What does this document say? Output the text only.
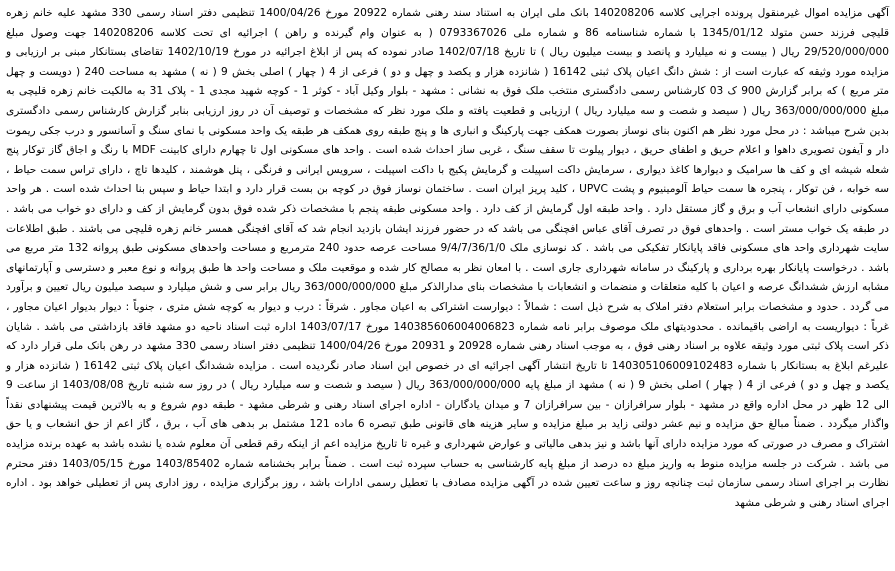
آگهی مزایده اموال غیرمنقول پرونده اجرایی کلاسه 140208206 بانک ملی ایران به استناد سند رهنی شماره 20922 مورخ 1400/04/26 تنظیمی دفتر اسناد رسمی 330 مشهد علیه خانم زهره قلیچی فرزند حسن متولد 1345/01/12 با شماره شناسنامه 86 و شماره ملی 0793367026 ( به عنوان وام گیرنده و راهن ) اجرائیه ای تحت کلاسه 140208206 جهت وصول مبلغ 29/520/000/000 ریال ( بیست و نه میلیارد و پانصد و بیست میلیون ریال ) تا تاریخ 1402/07/18 صادر نموده که پس از ابلاغ اجرائیه در مورخ 1402/10/19 تقاضای بستانکار مبنی بر ارزیابی و مزایده مورد وثیقه که عبارت است از : شش دانگ اعیان پلاک ثبتی 16142 ( شانزده هزار و یکصد و چهل و دو ) فرعی از 4 ( چهار ) اصلی بخش 9 ( نه ) مشهد به مساحت 240 ( دویست و چهل متر مربع ) که برابر گزارش 900 ک 03 کارشناس رسمی دادگستری منتخب ملک فوق به نشانی : مشهد - بلوار وکیل آباد - کوثر 1 - کوچه شهید مجدی 1 - پلاک 31 به مالکیت خانم زهره قلیچی به مبلغ 363/000/000/000 ریال ( سیصد و شصت و سه میلیارد ریال ) ارزیابی و قطعیت یافته و ملک مورد نظر که مشخصات و توصیف آن در روز ارزیابی بنابر گزارش کارشناس رسمی دادگستری بدین شرح میباشد : در محل مورد نظر هم اکنون بنای نوساز بصورت همکف جهت پارکینگ و انباری ها و پنج طبقه روی همکف هر طبقه یک واحد مسکونی با نمای سنگ و آسانسور و درب جکی ریموت دار و آیفون تصویری داهوا و اعلام حریق و اطفای حریق ، دیوار پیلوت تا سقف سنگ ، غربی ساز احداث شده است . واحد های مسکونی اول تا چهارم دارای کابینت MDF با رنگ و اجاق گاز توکار پنج شعله شیشه ای و کف ها سرامیک و دیوارها کاغذ دیواری ، سرمایش داکت اسپیلت و گرمایش پکیج با داکت اسپیلت ، سرویس ایرانی و فرنگی ، پنل هوشمند ، کلیدها تاچ ، دارای تراس سمت حیاط ، سه خوابه ، فن توکار ، پنجره ها سمت حیاط آلومینیوم و پشت UPVC ، کلید پریز ایران است . ساختمان نوساز فوق در کوچه بن بست قرار دارد و ابتدا حیاط و سپس بنا احداث شده است . هر واحد مسکونی دارای انشعاب آب و برق و گاز مستقل دارد . واحد طبقه اول گرمایش از کف دارد . واحد مسکونی طبقه پنجم با مشخصات ذکر شده فوق بدون گرمایش از کف و دارای دو خواب می باشد . در طبقه یک خواب مستر است . واحدهای فوق در تصرف آقای عباس افچنگی می باشد که در حضور فرزند ایشان بازدید انجام شد که آقای افچنگی همسر خانم زهره قلیچی می باشند . طبق اطلاعات سایت شهرداری واحد های مسکونی فاقد پایانکار تفکیکی می باشد . کد نوسازی ملک 9/4/7/36/1/0 مساحت عرصه حدود 240 مترمربع و مساحت واحدهای مسکونی طبق پروانه 132 متر مربع می باشد . درخواست پایانکار بهره برداری و پارکینگ در سامانه شهرداری جاری است . با امعان نظر به مصالح کار شده و موقعیت ملک و مساحت واحد ها طبق پروانه و نوع معبر و دسترسی و آپارتمانهای مشابه ارزش ششدانگ عرصه و اعیان با کلیه متعلقات و منضمات و انشعابات با مشخصات بنای مدارالذکر مبلغ 363/000/000/000 ریال برابر سی و شش میلیارد و سیصد میلیون ریال تعیین و برآورد می گردد . حدود و مشخصات برابر استعلام دفتر املاک به شرح ذیل است : شمالاً : دیوارست اشتراکی به اعیان مجاور . شرقاً : درب و دیوار به کوچه شش متری ، جنوباً : دیوار بدیوار اعیان مجاور ، غرباً : دیواریست به اراضی باقیمانده . محدودیتهای ملک موصوف برابر نامه شماره 140385606004006823 مورخ 1403/07/17 اداره ثبت اسناد ناحیه دو مشهد فاقد بازداشتی می باشد . شایان ذکر است پلاک ثبتی مورد وثیقه علاوه بر اسناد رهنی فوق ، به موجب اسناد رهنی شماره 20928 و 20931 مورخ 1400/04/26 تنظیمی دفتر اسناد رسمی 330 مشهد در رهن بانک ملی قرار دارد که علیرغم ابلاغ به بستانکار با شماره 140305106009102483 تا تاریخ انتشار آگهی اجرائیه ای در خصوص این اسناد صادر نگردیده است . مزایده ششدانگ اعیان پلاک ثبتی 16142 ( شانزده هزار و یکصد و چهل و دو ) فرعی از 4 ( چهار ) اصلی بخش 9 ( نه ) مشهد از مبلغ پایه 363/000/000/000 ریال ( سیصد و شصت و سه میلیارد ریال ) در روز سه شنبه تاریخ 1403/08/08 از ساعت 9 الی 12 ظهر در محل اداره واقع در مشهد - بلوار سرافرازان - بین سرافرازان 7 و میدان یادگاران - اداره اجرای اسناد رهنی و شرطی مشهد - طبقه دوم شروع و به بالاترین قیمت پیشنهادی نقداً واگذار میگردد . ضمناً مبالغ حق مزایده و نیم عشر دولتی زاید بر مبلغ مزایده و سایر هزینه های قانونی طبق تبصره 6 ماده 121 مشتمل بر بدهی های آب ، برق ، گاز اعم از حق انشعاب و یا حق اشتراک و مصرف در صورتی که مورد مزایده دارای آنها باشد و نیز بدهی مالیاتی و عوارض شهرداری و غیره تا تاریخ مزایده اعم از اینکه رقم قطعی آن معلوم شده یا نشده باشد به عهده برنده مزایده می باشد . شرکت در جلسه مزایده منوط به واریز مبلغ ده درصد از مبلغ پایه کارشناسی به حساب سپرده ثبت است . ضمناً برابر بخشنامه شماره 1403/85402 مورخ 1403/05/15 دفتر محترم نظارت بر اجرای اسناد رسمی سازمان ثبت چنانچه روز و ساعت تعیین شده در آگهی مزایده مصادف با تعطیل رسمی ادارات باشد ، روز برگزاری مزایده ، روز اداری پس از تعطیلی خواهد بود . اداره اجرای اسناد رهنی و شرطی مشهد
